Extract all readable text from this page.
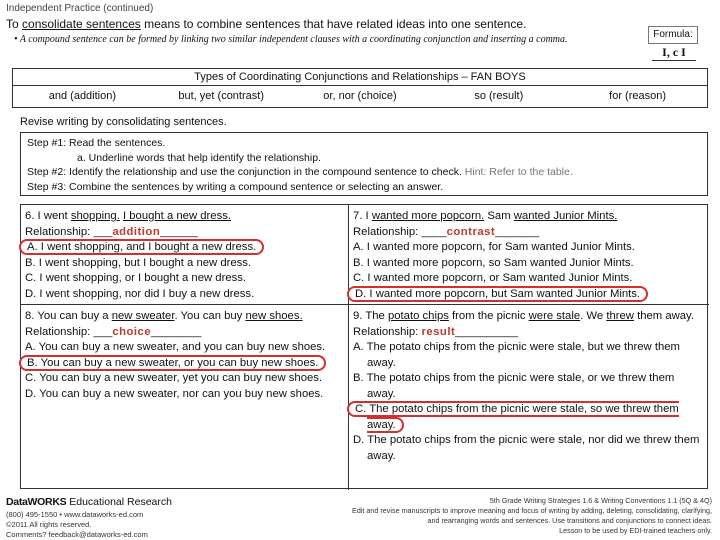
Independent Practice (continued)
To consolidate sentences means to combine sentences that have related ideas into one sentence.
• A compound sentence can be formed by linking two similar independent clauses with a coordinating conjunction and inserting a comma.	Formula:
I, c I
Types of Coordinating Conjunctions and Relationships – FAN BOYS
and (addition)	but, yet (contrast)	or, nor (choice)	so (result)	for (reason)
Revise writing by consolidating sentences.
Step #1: Read the sentences.
a. Underline words that help identify the relationship.
Step #2: Identify the relationship and use the conjunction in the compound sentence to check. Hint: Refer to the table.
Step #3: Combine the sentences by writing a compound sentence or selecting an answer.
6. I went shopping. I bought a new dress.
Relationship: ___addition______
A. I went shopping, and I bought a new dress.
B. I went shopping, but I bought a new dress.
C. I went shopping, or I bought a new dress.
D. I went shopping, nor did I buy a new dress.
7. I wanted more popcorn. Sam wanted Junior Mints.
Relationship: ____contrast_______
A. I wanted more popcorn, for Sam wanted Junior Mints.
B. I wanted more popcorn, so Sam wanted Junior Mints.
C. I wanted more popcorn, or Sam wanted Junior Mints.
D. I wanted more popcorn, but Sam wanted Junior Mints.
8. You can buy a new sweater. You can buy new shoes.
Relationship: ___choice________
A. You can buy a new sweater, and you can buy new shoes.
B. You can buy a new sweater, or you can buy new shoes.
C. You can buy a new sweater, yet you can buy new shoes.
D. You can buy a new sweater, nor can you buy new shoes.
9. The potato chips from the picnic were stale. We threw them away.
Relationship: result__________
A. The potato chips from the picnic were stale, but we threw them away.
B. The potato chips from the picnic were stale, or we threw them away.
C. The potato chips from the picnic were stale, so we threw them away.
D. The potato chips from the picnic were stale, nor did we threw them away.
DataWORKS Educational Research
(800) 495-1550 • www.dataworks-ed.com
©2011 All rights reserved.
Comments? feedback@dataworks-ed.com
5th Grade Writing Strategies 1.6 & Writing Conventions 1.1 (5Q & 4Q)
Edit and revise manuscripts to improve meaning and focus of writing by adding, deleting, consolidating, clarifying,
and rearranging words and sentences. Use transitions and conjunctions to connect ideas.
Lesson to be used by EDI-trained teachers only.
